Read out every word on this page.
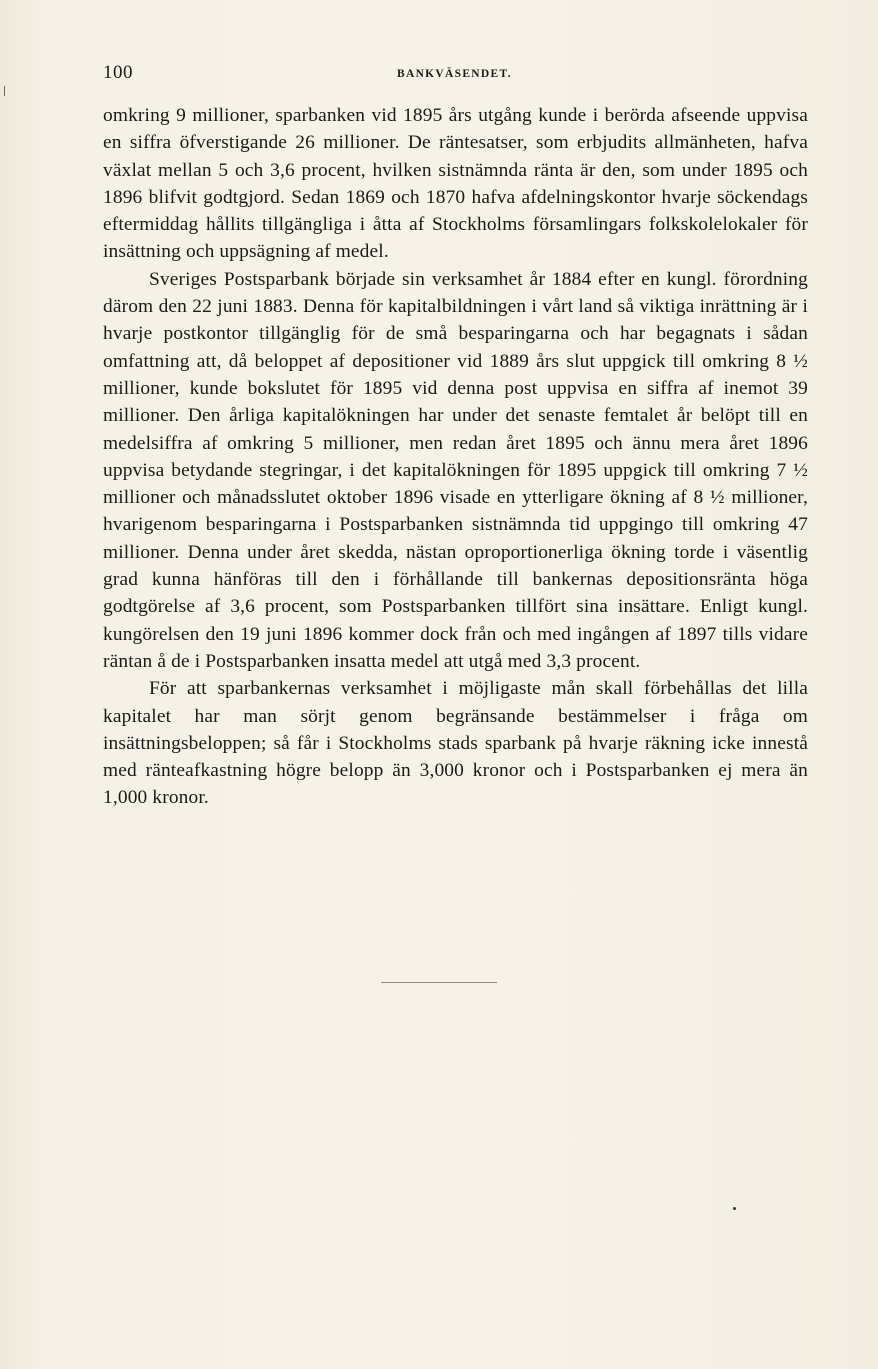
100	BANKVÄSENDET.

omkring 9 millioner, sparbanken vid 1895 års utgång kunde i berörda afseende uppvisa en siffra öfverstigande 26 millioner. De räntesatser, som erbjudits allmänheten, hafva växlat mellan 5 och 3,6 procent, hvilken sistnämnda ränta är den, som under 1895 och 1896 blifvit godtgjord. Sedan 1869 och 1870 hafva afdelningskontor hvarje söckendags eftermiddag hållits tillgängliga i åtta af Stockholms församlingars folkskolelokaler för insättning och uppsägning af medel.

Sveriges Postsparbank började sin verksamhet år 1884 efter en kungl. förordning därom den 22 juni 1883. Denna för kapitalbildningen i vårt land så viktiga inrättning är i hvarje postkontor tillgänglig för de små besparingarna och har begagnats i sådan omfattning att, då beloppet af depositioner vid 1889 års slut uppgick till omkring 8 ½ millioner, kunde bokslutet för 1895 vid denna post uppvisa en siffra af inemot 39 millioner. Den årliga kapitalökningen har under det senaste femtalet år belöpt till en medelsiffra af omkring 5 millioner, men redan året 1895 och ännu mera året 1896 uppvisa betydande stegringar, i det kapitalökningen för 1895 uppgick till omkring 7 ½ millioner och månadsslutet oktober 1896 visade en ytterligare ökning af 8 ½ millioner, hvarigenom besparingarna i Postsparbanken sistnämnda tid uppgingo till omkring 47 millioner. Denna under året skedda, nästan oproportionerliga ökning torde i väsentlig grad kunna hänföras till den i förhållande till bankernas depositionsränta höga godtgörelse af 3,6 procent, som Postsparbanken tillfört sina insättare. Enligt kungl. kungörelsen den 19 juni 1896 kommer dock från och med ingången af 1897 tills vidare räntan å de i Postsparbanken insatta medel att utgå med 3,3 procent.

För att sparbankernas verksamhet i möjligaste mån skall förbehållas det lilla kapitalet har man sörjt genom begränsande bestämmelser i fråga om insättningsbeloppen; så får i Stockholms stads sparbank på hvarje räkning icke innestå med ränteafkastning högre belopp än 3,000 kronor och i Postsparbanken ej mera än 1,000 kronor.
